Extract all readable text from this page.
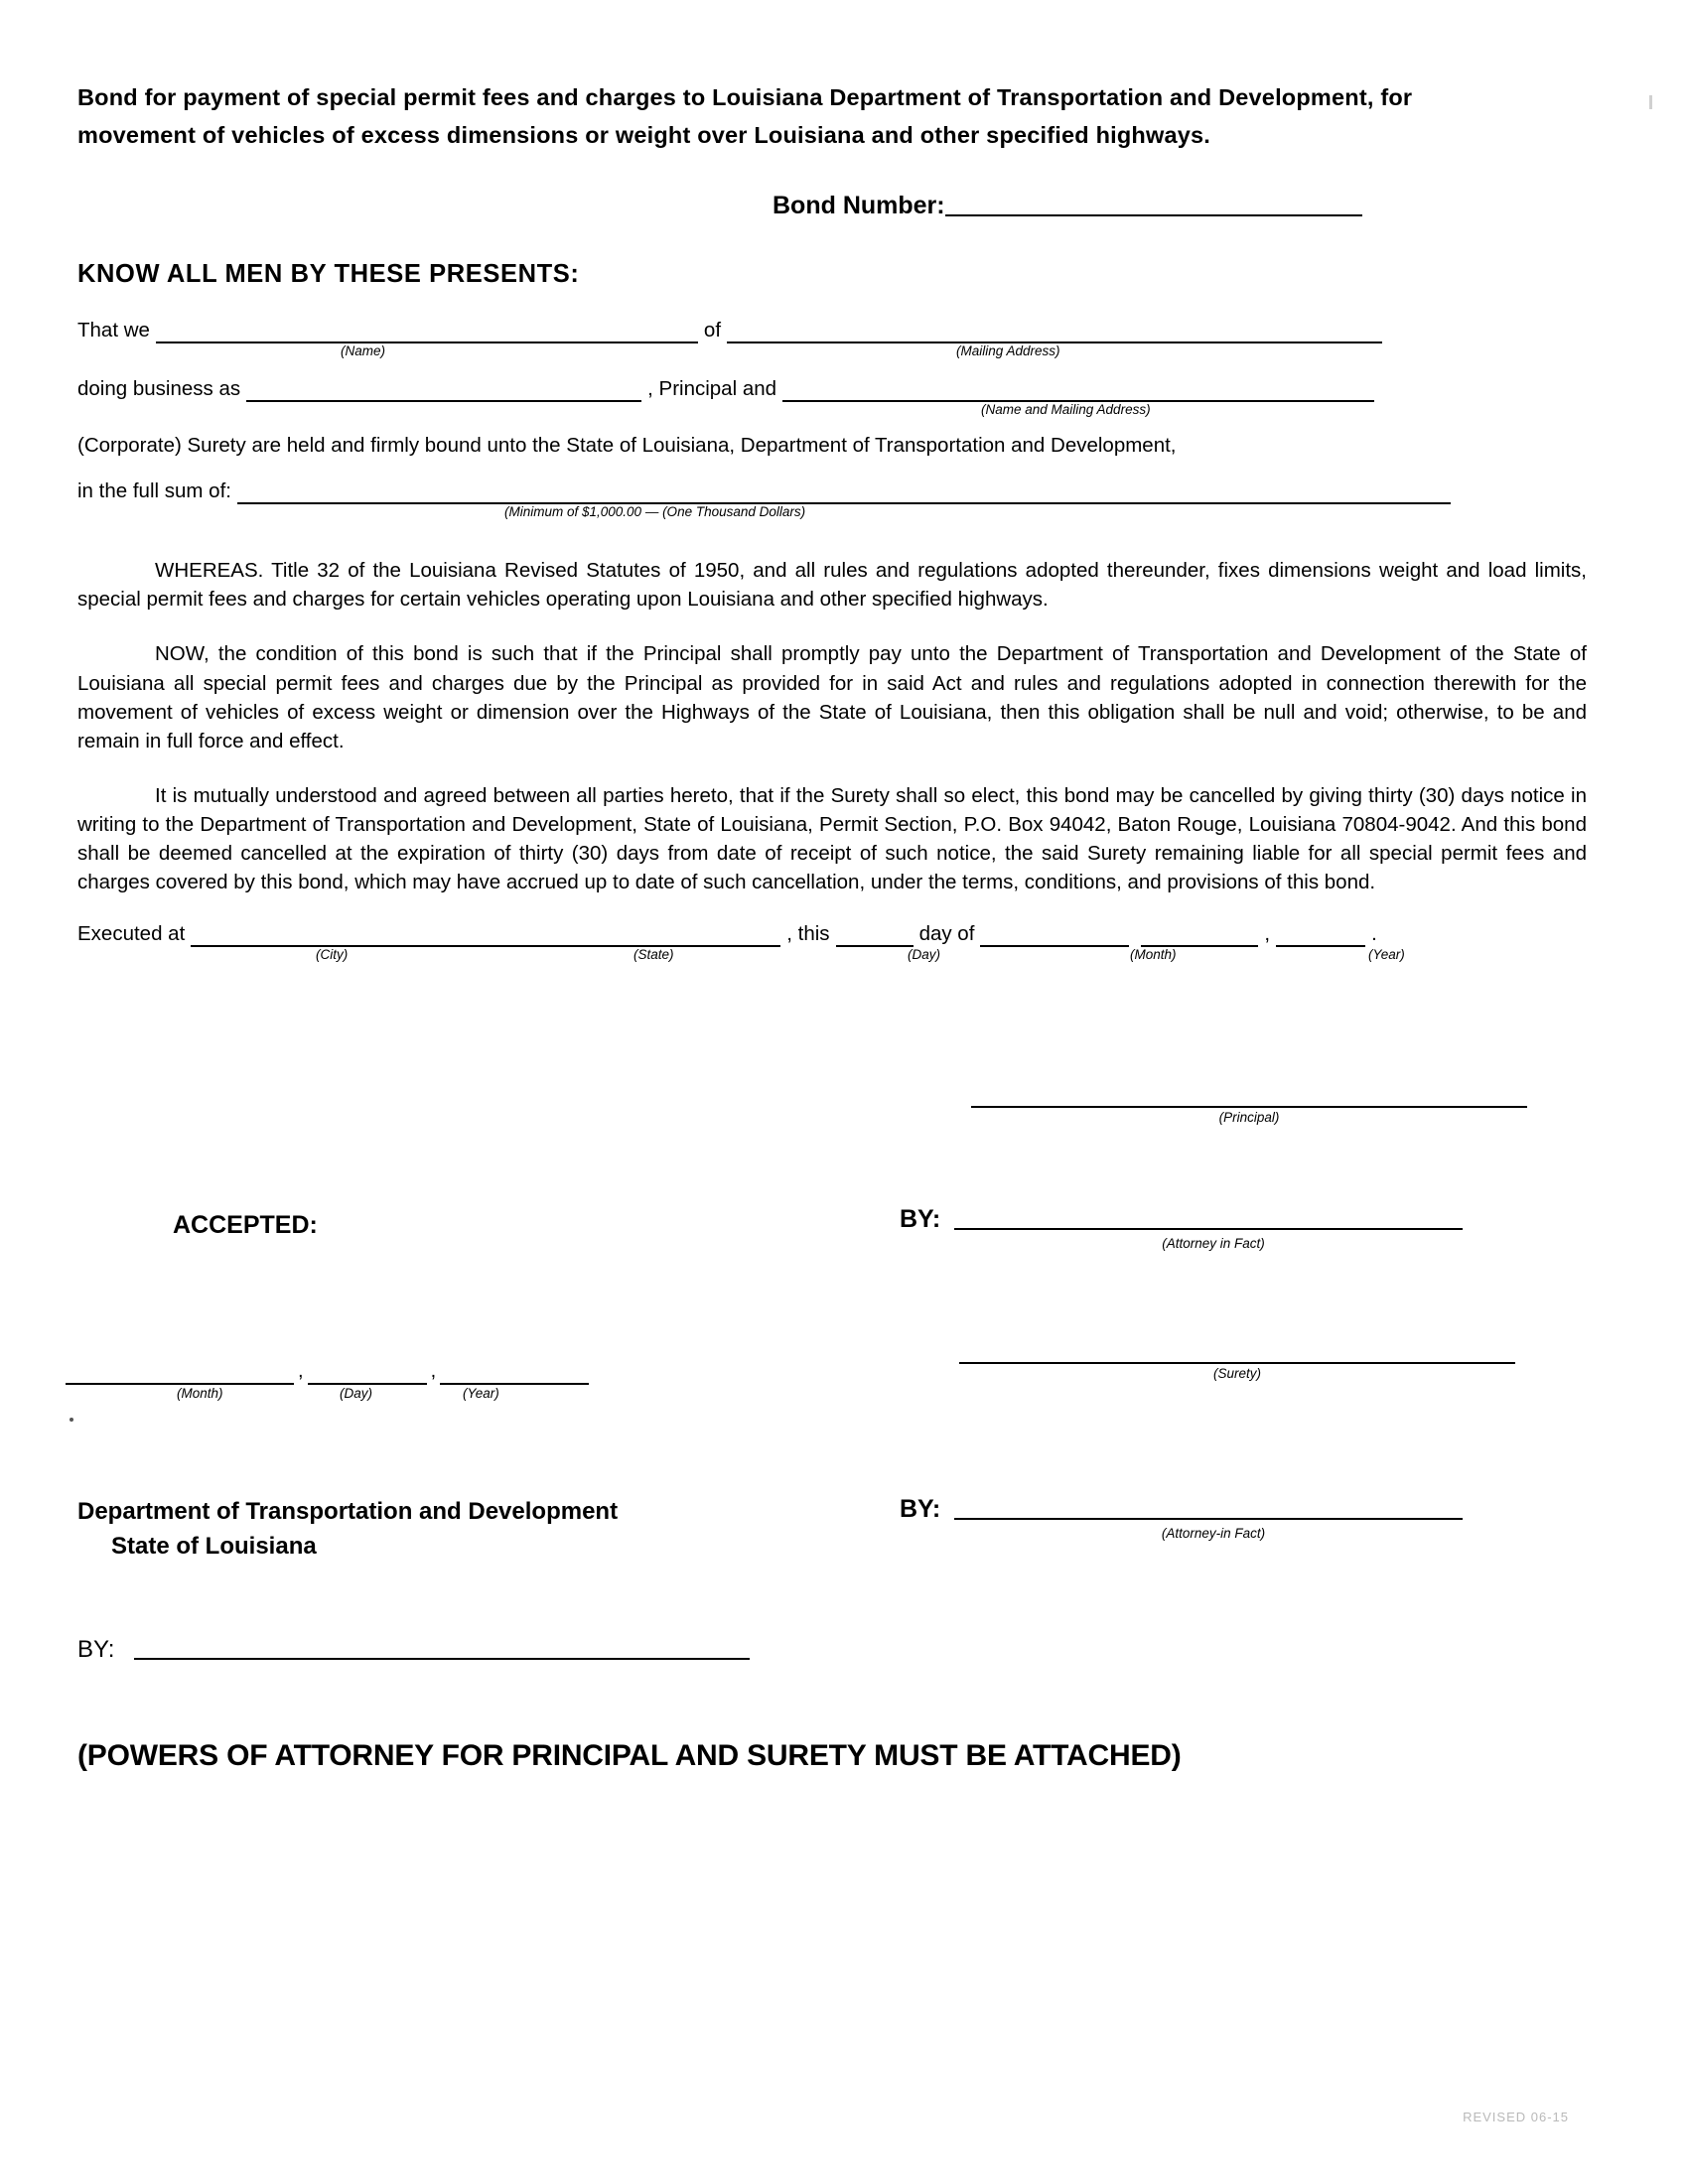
Bond for payment of special permit fees and charges to Louisiana Department of Transportation and Development, for movement of vehicles of excess dimensions or weight over Louisiana and other specified highways.
Bond Number:
KNOW ALL MEN BY THESE PRESENTS:
That we	of
(Name)	(Mailing Address)
doing business as	, Principal and
(Name and Mailing Address)
(Corporate) Surety are held and firmly bound unto the State of Louisiana, Department of Transportation and Development,
in the full sum of:
(Minimum of $1,000.00 — (One Thousand Dollars)

WHEREAS. Title 32 of the Louisiana Revised Statutes of 1950, and all rules and regulations adopted thereunder, fixes dimensions weight and load limits, special permit fees and charges for certain vehicles operating upon Louisiana and other specified highways.

NOW, the condition of this bond is such that if the Principal shall promptly pay unto the Department of Transportation and Development of the State of Louisiana all special permit fees and charges due by the Principal as provided for in said Act and rules and regulations adopted in connection therewith for the movement of vehicles of excess weight or dimension over the Highways of the State of Louisiana, then this obligation shall be null and void; otherwise, to be and remain in full force and effect.

It is mutually understood and agreed between all parties hereto, that if the Surety shall so elect, this bond may be cancelled by giving thirty (30) days notice in writing to the Department of Transportation and Development, State of Louisiana, Permit Section, P.O. Box 94042, Baton Rouge, Louisiana 70804-9042. And this bond shall be deemed cancelled at the expiration of thirty (30) days from date of receipt of such notice, the said Surety remaining liable for all special permit fees and charges covered by this bond, which may have accrued up to date of such cancellation, under the terms, conditions, and provisions of this bond.

Executed at	, this	day of	,	.
(City)	(State)	(Day)	(Month)	(Year)
(Principal)
ACCEPTED:	BY:
(Attorney in Fact)
,	,
(Month)	(Day)	(Year)
(Surety)
Department of Transportation and Development
State of Louisiana
BY:
(Attorney-in Fact)
BY:
(POWERS OF ATTORNEY FOR PRINCIPAL AND SURETY MUST BE ATTACHED)
REVISED 06-15
